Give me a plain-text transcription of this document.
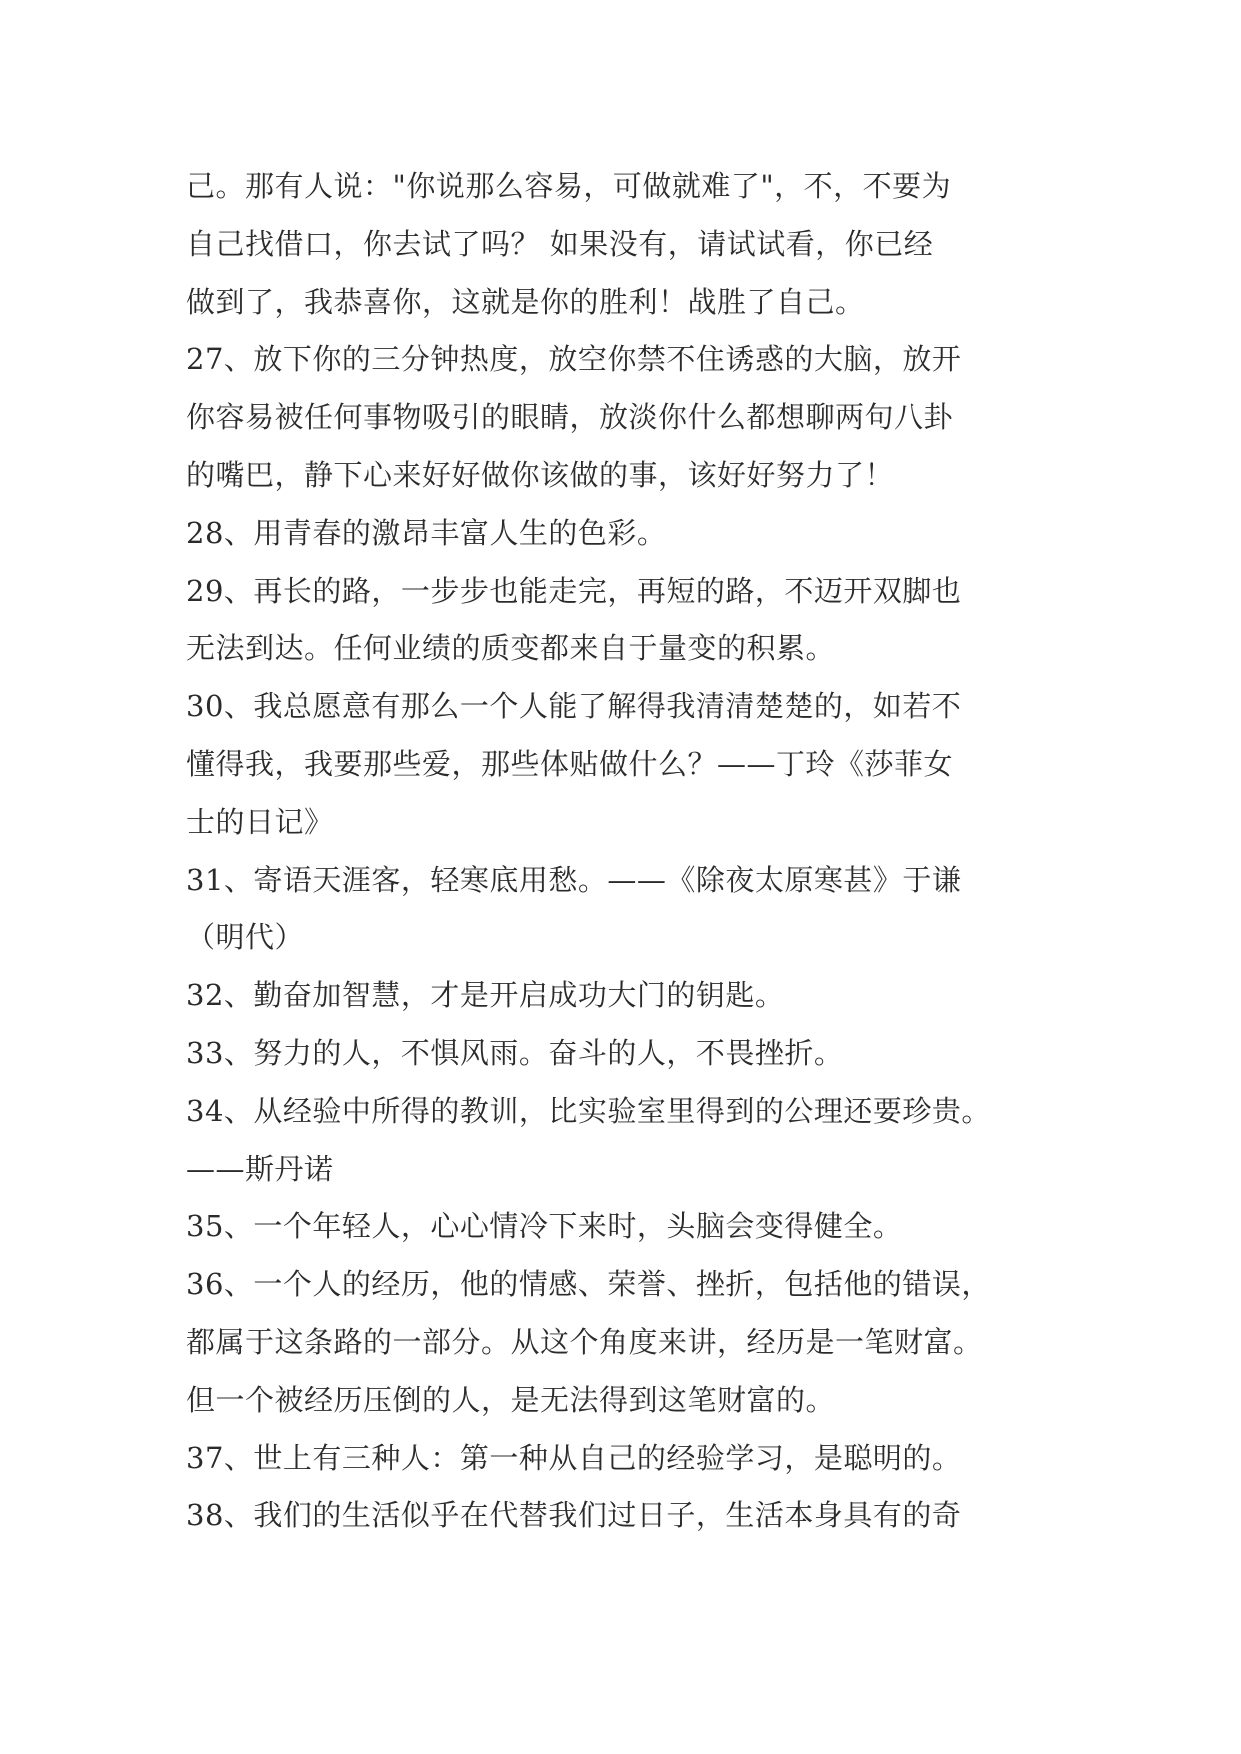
己。那有人说："你说那么容易，可做就难了"，不，不要为
自己找借口，你去试了吗？ 如果没有，请试试看，你已经
做到了，我恭喜你，这就是你的胜利！战胜了自己。
27、放下你的三分钟热度，放空你禁不住诱惑的大脑，放开
你容易被任何事物吸引的眼睛，放淡你什么都想聊两句八卦
的嘴巴，静下心来好好做你该做的事，该好好努力了！
28、用青春的激昂丰富人生的色彩。
29、再长的路，一步步也能走完，再短的路，不迈开双脚也
无法到达。任何业绩的质变都来自于量变的积累。
30、我总愿意有那么一个人能了解得我清清楚楚的，如若不
懂得我，我要那些爱，那些体贴做什么？——丁玲《莎菲女
士的日记》
31、寄语天涯客，轻寒底用愁。——《除夜太原寒甚》于谦
（明代）
32、勤奋加智慧，才是开启成功大门的钥匙。
33、努力的人，不惧风雨。奋斗的人，不畏挫折。
34、从经验中所得的教训，比实验室里得到的公理还要珍贵。
——斯丹诺
35、一个年轻人，心心情冷下来时，头脑会变得健全。
36、一个人的经历，他的情感、荣誉、挫折，包括他的错误，
都属于这条路的一部分。从这个角度来讲，经历是一笔财富。
但一个被经历压倒的人，是无法得到这笔财富的。
37、世上有三种人：第一种从自己的经验学习，是聪明的。
38、我们的生活似乎在代替我们过日子，生活本身具有的奇
